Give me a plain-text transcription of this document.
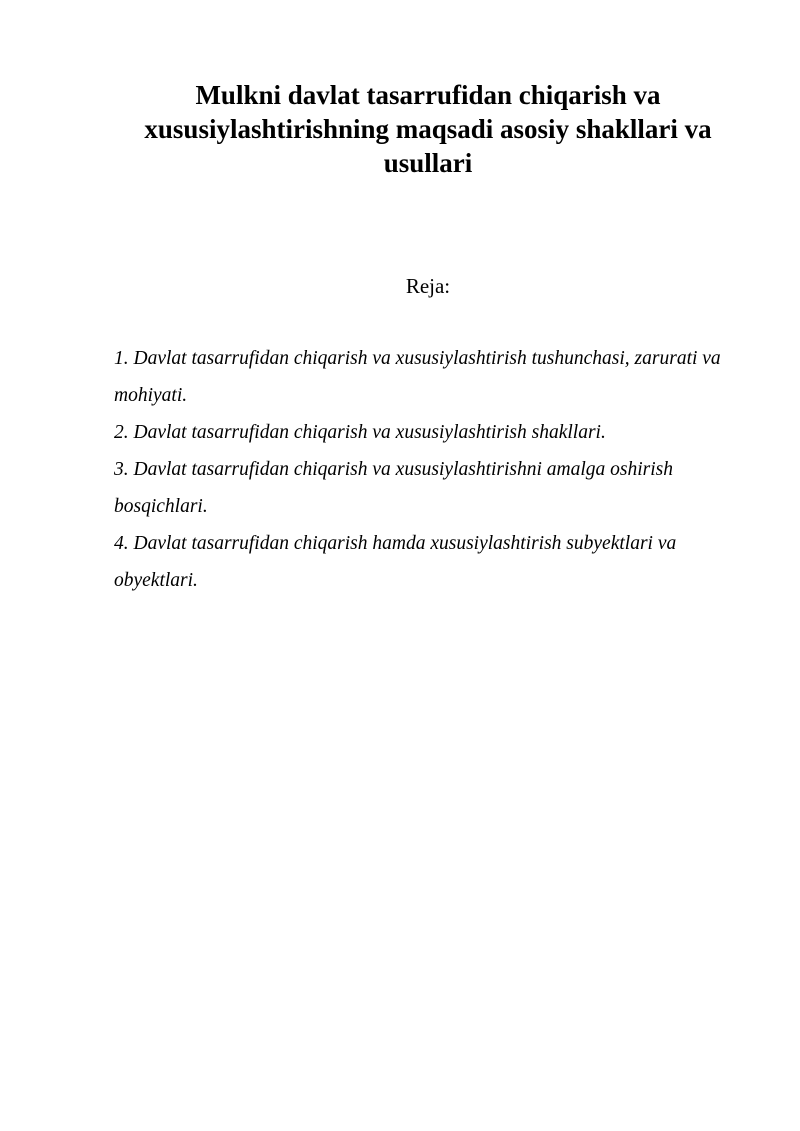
Mulkni davlat tasarrufidan chiqarish va xususiylashtirishning maqsadi asosiy shakllari va usullari

Reja:

1. Davlat tasarrufidan chiqarish va xususiylashtirish tushunchasi, zarurati va mohiyati.
2. Davlat tasarrufidan chiqarish va xususiylashtirish shakllari.
3. Davlat tasarrufidan chiqarish va xususiylashtirishni amalga oshirish bosqichlari.
4. Davlat tasarrufidan chiqarish hamda xususiylashtirish subyektlari va obyektlari.
